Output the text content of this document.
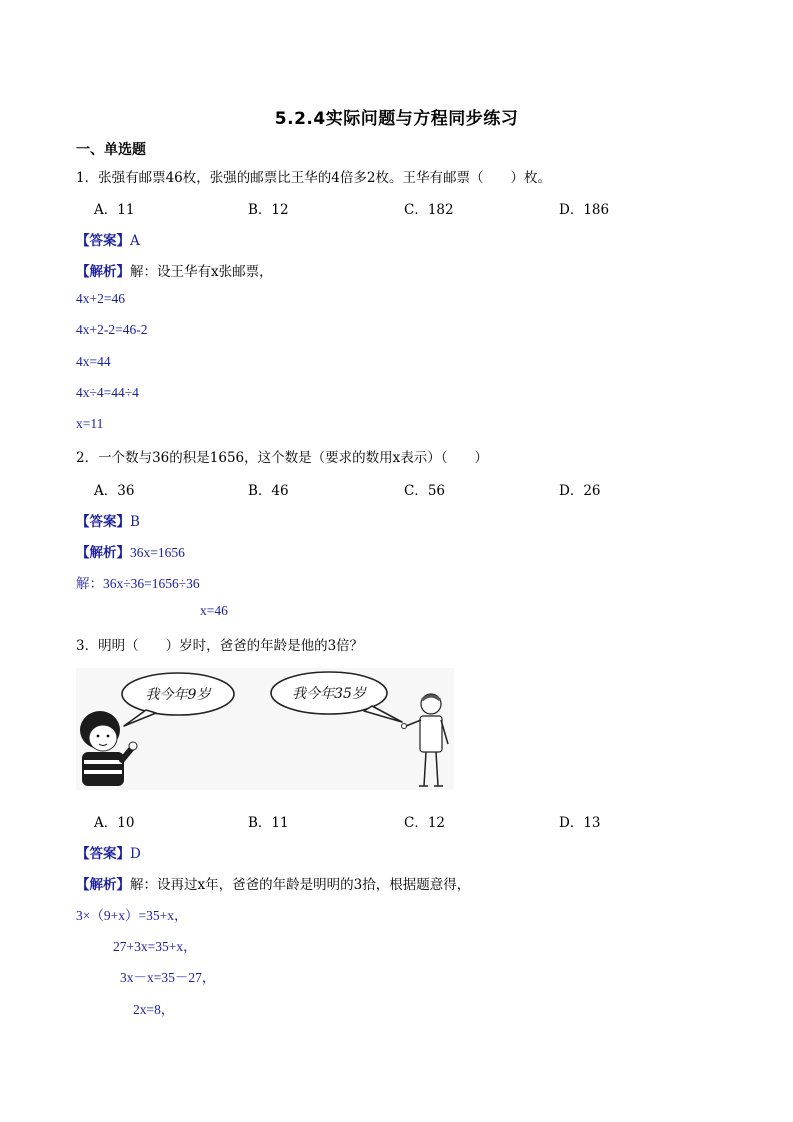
5.2.4实际问题与方程同步练习
一、单选题
1．张强有邮票46枚，张强的邮票比王华的4倍多2枚。王华有邮票（　　）枚。
A．11	B．12	C．182	D．186
【答案】A
【解析】解：设王华有x张邮票，
4x+2=46
4x+2-2=46-2
4x=44
4x÷4=44÷4
x=11
2．一个数与36的积是1656，这个数是（要求的数用x表示）（　　）
A．36	B．46	C．56	D．26
【答案】B
【解析】36x=1656
解：36x÷36=1656÷36
x=46
3．明明（　　）岁时，爸爸的年龄是他的3倍？
我今年9岁	我今年35岁
A．10	B．11	C．12	D．13
【答案】D
【解析】解：设再过x年，爸爸的年龄是明明的3拾，根据题意得，
3×（9+x）=35+x，
27+3x=35+x，
3x－x=35－27，
2x=8，
